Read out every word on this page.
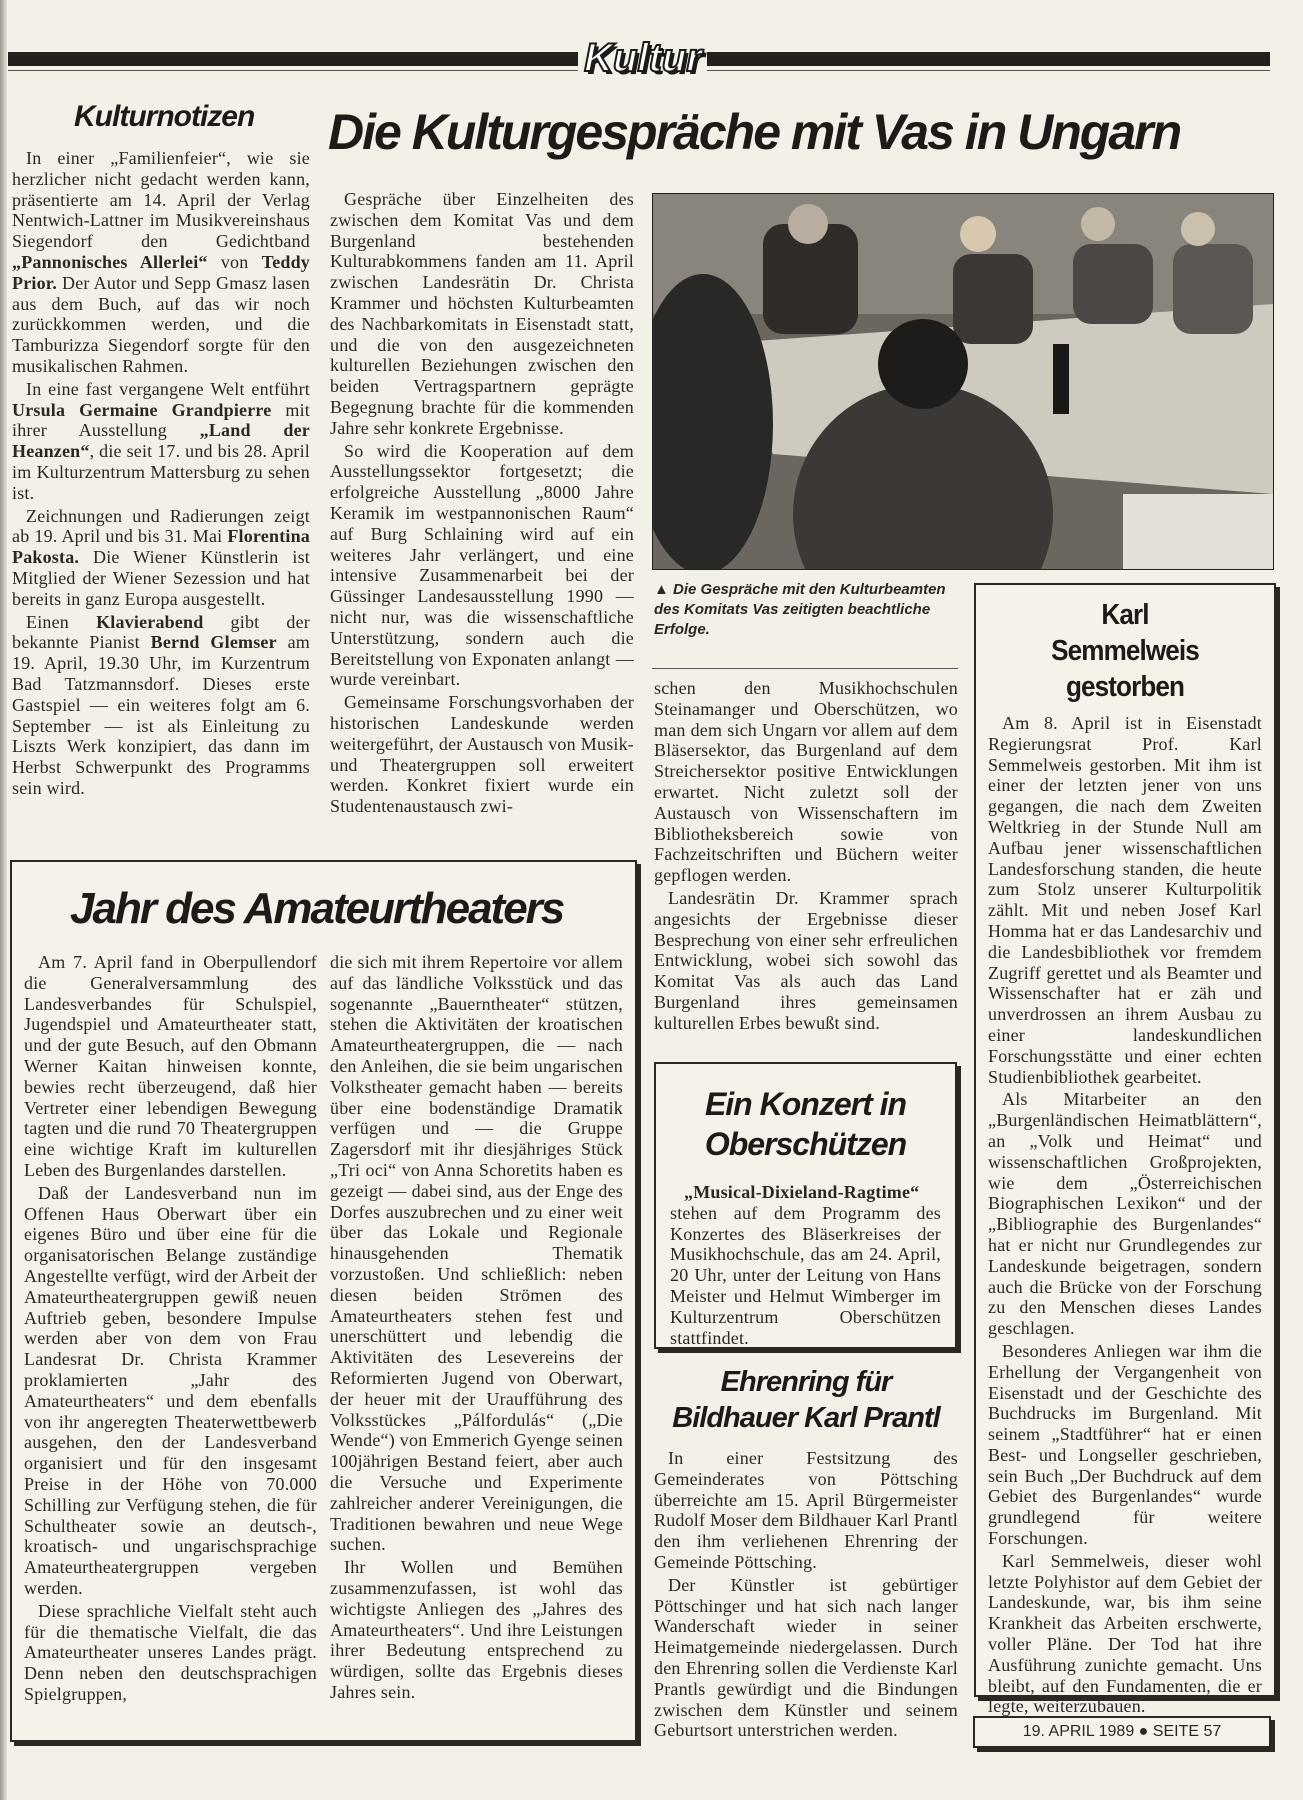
Kultur
Kulturnotizen

In einer „Familienfeier“, wie sie herzlicher nicht gedacht werden kann, präsentierte am 14. April der Verlag Nentwich-Lattner im Musikvereinshaus Siegendorf den Gedichtband „Pannonisches Allerlei“ von Teddy Prior. Der Autor und Sepp Gmasz lasen aus dem Buch, auf das wir noch zurückkommen werden, und die Tamburizza Siegendorf sorgte für den musikalischen Rahmen.

In eine fast vergangene Welt entführt Ursula Germaine Grandpierre mit ihrer Ausstellung „Land der Heanzen“, die seit 17. und bis 28. April im Kulturzentrum Mattersburg zu sehen ist.

Zeichnungen und Radierungen zeigt ab 19. April und bis 31. Mai Florentina Pakosta. Die Wiener Künstlerin ist Mitglied der Wiener Sezession und hat bereits in ganz Europa ausgestellt.

Einen Klavierabend gibt der bekannte Pianist Bernd Glemser am 19. April, 19.30 Uhr, im Kurzentrum Bad Tatzmannsdorf. Dieses erste Gastspiel — ein weiteres folgt am 6. September — ist als Einleitung zu Liszts Werk konzipiert, das dann im Herbst Schwerpunkt des Programms sein wird.

Die Kulturgespräche mit Vas in Ungarn

Gespräche über Einzelheiten des zwischen dem Komitat Vas und dem Burgenland bestehenden Kulturabkommens fanden am 11. April zwischen Landesrätin Dr. Christa Krammer und höchsten Kulturbeamten des Nachbarkomitats in Eisenstadt statt, und die von den ausgezeichneten kulturellen Beziehungen zwischen den beiden Vertragspartnern geprägte Begegnung brachte für die kommenden Jahre sehr konkrete Ergebnisse.

So wird die Kooperation auf dem Ausstellungssektor fortgesetzt; die erfolgreiche Ausstellung „8000 Jahre Keramik im westpannonischen Raum“ auf Burg Schlaining wird auf ein weiteres Jahr verlängert, und eine intensive Zusammenarbeit bei der Güssinger Landesausstellung 1990 — nicht nur, was die wissenschaftliche Unterstützung, sondern auch die Bereitstellung von Exponaten anlangt — wurde vereinbart.

Gemeinsame Forschungsvorhaben der historischen Landeskunde werden weitergeführt, der Austausch von Musik- und Theatergruppen soll erweitert werden. Konkret fixiert wurde ein Studentenaustausch zwi-

▲ Die Gespräche mit den Kulturbeamten des Komitats Vas zeitigten beachtliche Erfolge.

schen den Musikhochschulen Steinamanger und Oberschützen, wo man dem sich Ungarn vor allem auf dem Bläsersektor, das Burgenland auf dem Streichersektor positive Entwicklungen erwartet. Nicht zuletzt soll der Austausch von Wissenschaftern im Bibliotheksbereich sowie von Fachzeitschriften und Büchern weiter gepflogen werden.

Landesrätin Dr. Krammer sprach angesichts der Ergebnisse dieser Besprechung von einer sehr erfreulichen Entwicklung, wobei sich sowohl das Komitat Vas als auch das Land Burgenland ihres gemeinsamen kulturellen Erbes bewußt sind.

Karl Semmelweis gestorben

Am 8. April ist in Eisenstadt Regierungsrat Prof. Karl Semmelweis gestorben. Mit ihm ist einer der letzten jener von uns gegangen, die nach dem Zweiten Weltkrieg in der Stunde Null am Aufbau jener wissenschaftlichen Landesforschung standen, die heute zum Stolz unserer Kulturpolitik zählt. Mit und neben Josef Karl Homma hat er das Landesarchiv und die Landesbibliothek vor fremdem Zugriff gerettet und als Beamter und Wissenschafter hat er zäh und unverdrossen an ihrem Ausbau zu einer landeskundlichen Forschungsstätte und einer echten Studienbibliothek gearbeitet.

Als Mitarbeiter an den „Burgenländischen Heimatblättern“, an „Volk und Heimat“ und wissenschaftlichen Großprojekten, wie dem „Österreichischen Biographischen Lexikon“ und der „Bibliographie des Burgenlandes“ hat er nicht nur Grundlegendes zur Landeskunde beigetragen, sondern auch die Brücke von der Forschung zu den Menschen dieses Landes geschlagen.

Besonderes Anliegen war ihm die Erhellung der Vergangenheit von Eisenstadt und der Geschichte des Buchdrucks im Burgenland. Mit seinem „Stadtführer“ hat er einen Best- und Longseller geschrieben, sein Buch „Der Buchdruck auf dem Gebiet des Burgenlandes“ wurde grundlegend für weitere Forschungen.

Karl Semmelweis, dieser wohl letzte Polyhistor auf dem Gebiet der Landeskunde, war, bis ihm seine Krankheit das Arbeiten erschwerte, voller Pläne. Der Tod hat ihre Ausführung zunichte gemacht. Uns bleibt, auf den Fundamenten, die er legte, weiterzubauen.

Jahr des Amateurtheaters

Am 7. April fand in Oberpullendorf die Generalversammlung des Landesverbandes für Schulspiel, Jugendspiel und Amateurtheater statt, und der gute Besuch, auf den Obmann Werner Kaitan hinweisen konnte, bewies recht überzeugend, daß hier Vertreter einer lebendigen Bewegung tagten und die rund 70 Theatergruppen eine wichtige Kraft im kulturellen Leben des Burgenlandes darstellen.

Daß der Landesverband nun im Offenen Haus Oberwart über ein eigenes Büro und über eine für die organisatorischen Belange zuständige Angestellte verfügt, wird der Arbeit der Amateurtheatergruppen gewiß neuen Auftrieb geben, besondere Impulse werden aber von dem von Frau Landesrat Dr. Christa Krammer proklamierten „Jahr des Amateurtheaters“ und dem ebenfalls von ihr angeregten Theaterwettbewerb ausgehen, den der Landesverband organisiert und für den insgesamt Preise in der Höhe von 70.000 Schilling zur Verfügung stehen, die für Schultheater sowie an deutsch-, kroatisch- und ungarischsprachige Amateurtheatergruppen vergeben werden.

Diese sprachliche Vielfalt steht auch für die thematische Vielfalt, die das Amateurtheater unseres Landes prägt. Denn neben den deutschsprachigen Spielgruppen,

die sich mit ihrem Repertoire vor allem auf das ländliche Volksstück und das sogenannte „Bauerntheater“ stützen, stehen die Aktivitäten der kroatischen Amateurtheatergruppen, die — nach den Anleihen, die sie beim ungarischen Volkstheater gemacht haben — bereits über eine bodenständige Dramatik verfügen und — die Gruppe Zagersdorf mit ihr diesjähriges Stück „Tri oci“ von Anna Schoretits haben es gezeigt — dabei sind, aus der Enge des Dorfes auszubrechen und zu einer weit über das Lokale und Regionale hinausgehenden Thematik vorzustoßen. Und schließlich: neben diesen beiden Strömen des Amateurtheaters stehen fest und unerschüttert und lebendig die Aktivitäten des Lesevereins der Reformierten Jugend von Oberwart, der heuer mit der Uraufführung des Volksstückes „Pálfordulás“ („Die Wende“) von Emmerich Gyenge seinen 100jährigen Bestand feiert, aber auch die Versuche und Experimente zahlreicher anderer Vereinigungen, die Traditionen bewahren und neue Wege suchen.

Ihr Wollen und Bemühen zusammenzufassen, ist wohl das wichtigste Anliegen des „Jahres des Amateurtheaters“. Und ihre Leistungen ihrer Bedeutung entsprechend zu würdigen, sollte das Ergebnis dieses Jahres sein.

Ein Konzert in
Oberschützen

„Musical-Dixieland-Ragtime“ stehen auf dem Programm des Konzertes des Bläserkreises der Musikhochschule, das am 24. April, 20 Uhr, unter der Leitung von Hans Meister und Helmut Wimberger im Kulturzentrum Oberschützen stattfindet.

Ehrenring für
Bildhauer Karl Prantl

In einer Festsitzung des Gemeinderates von Pöttsching überreichte am 15. April Bürgermeister Rudolf Moser dem Bildhauer Karl Prantl den ihm verliehenen Ehrenring der Gemeinde Pöttsching.

Der Künstler ist gebürtiger Pöttschinger und hat sich nach langer Wanderschaft wieder in seiner Heimatgemeinde niedergelassen. Durch den Ehrenring sollen die Verdienste Karl Prantls gewürdigt und die Bindungen zwischen dem Künstler und seinem Geburtsort unterstrichen werden.	19. APRIL 1989 ● SEITE 57
